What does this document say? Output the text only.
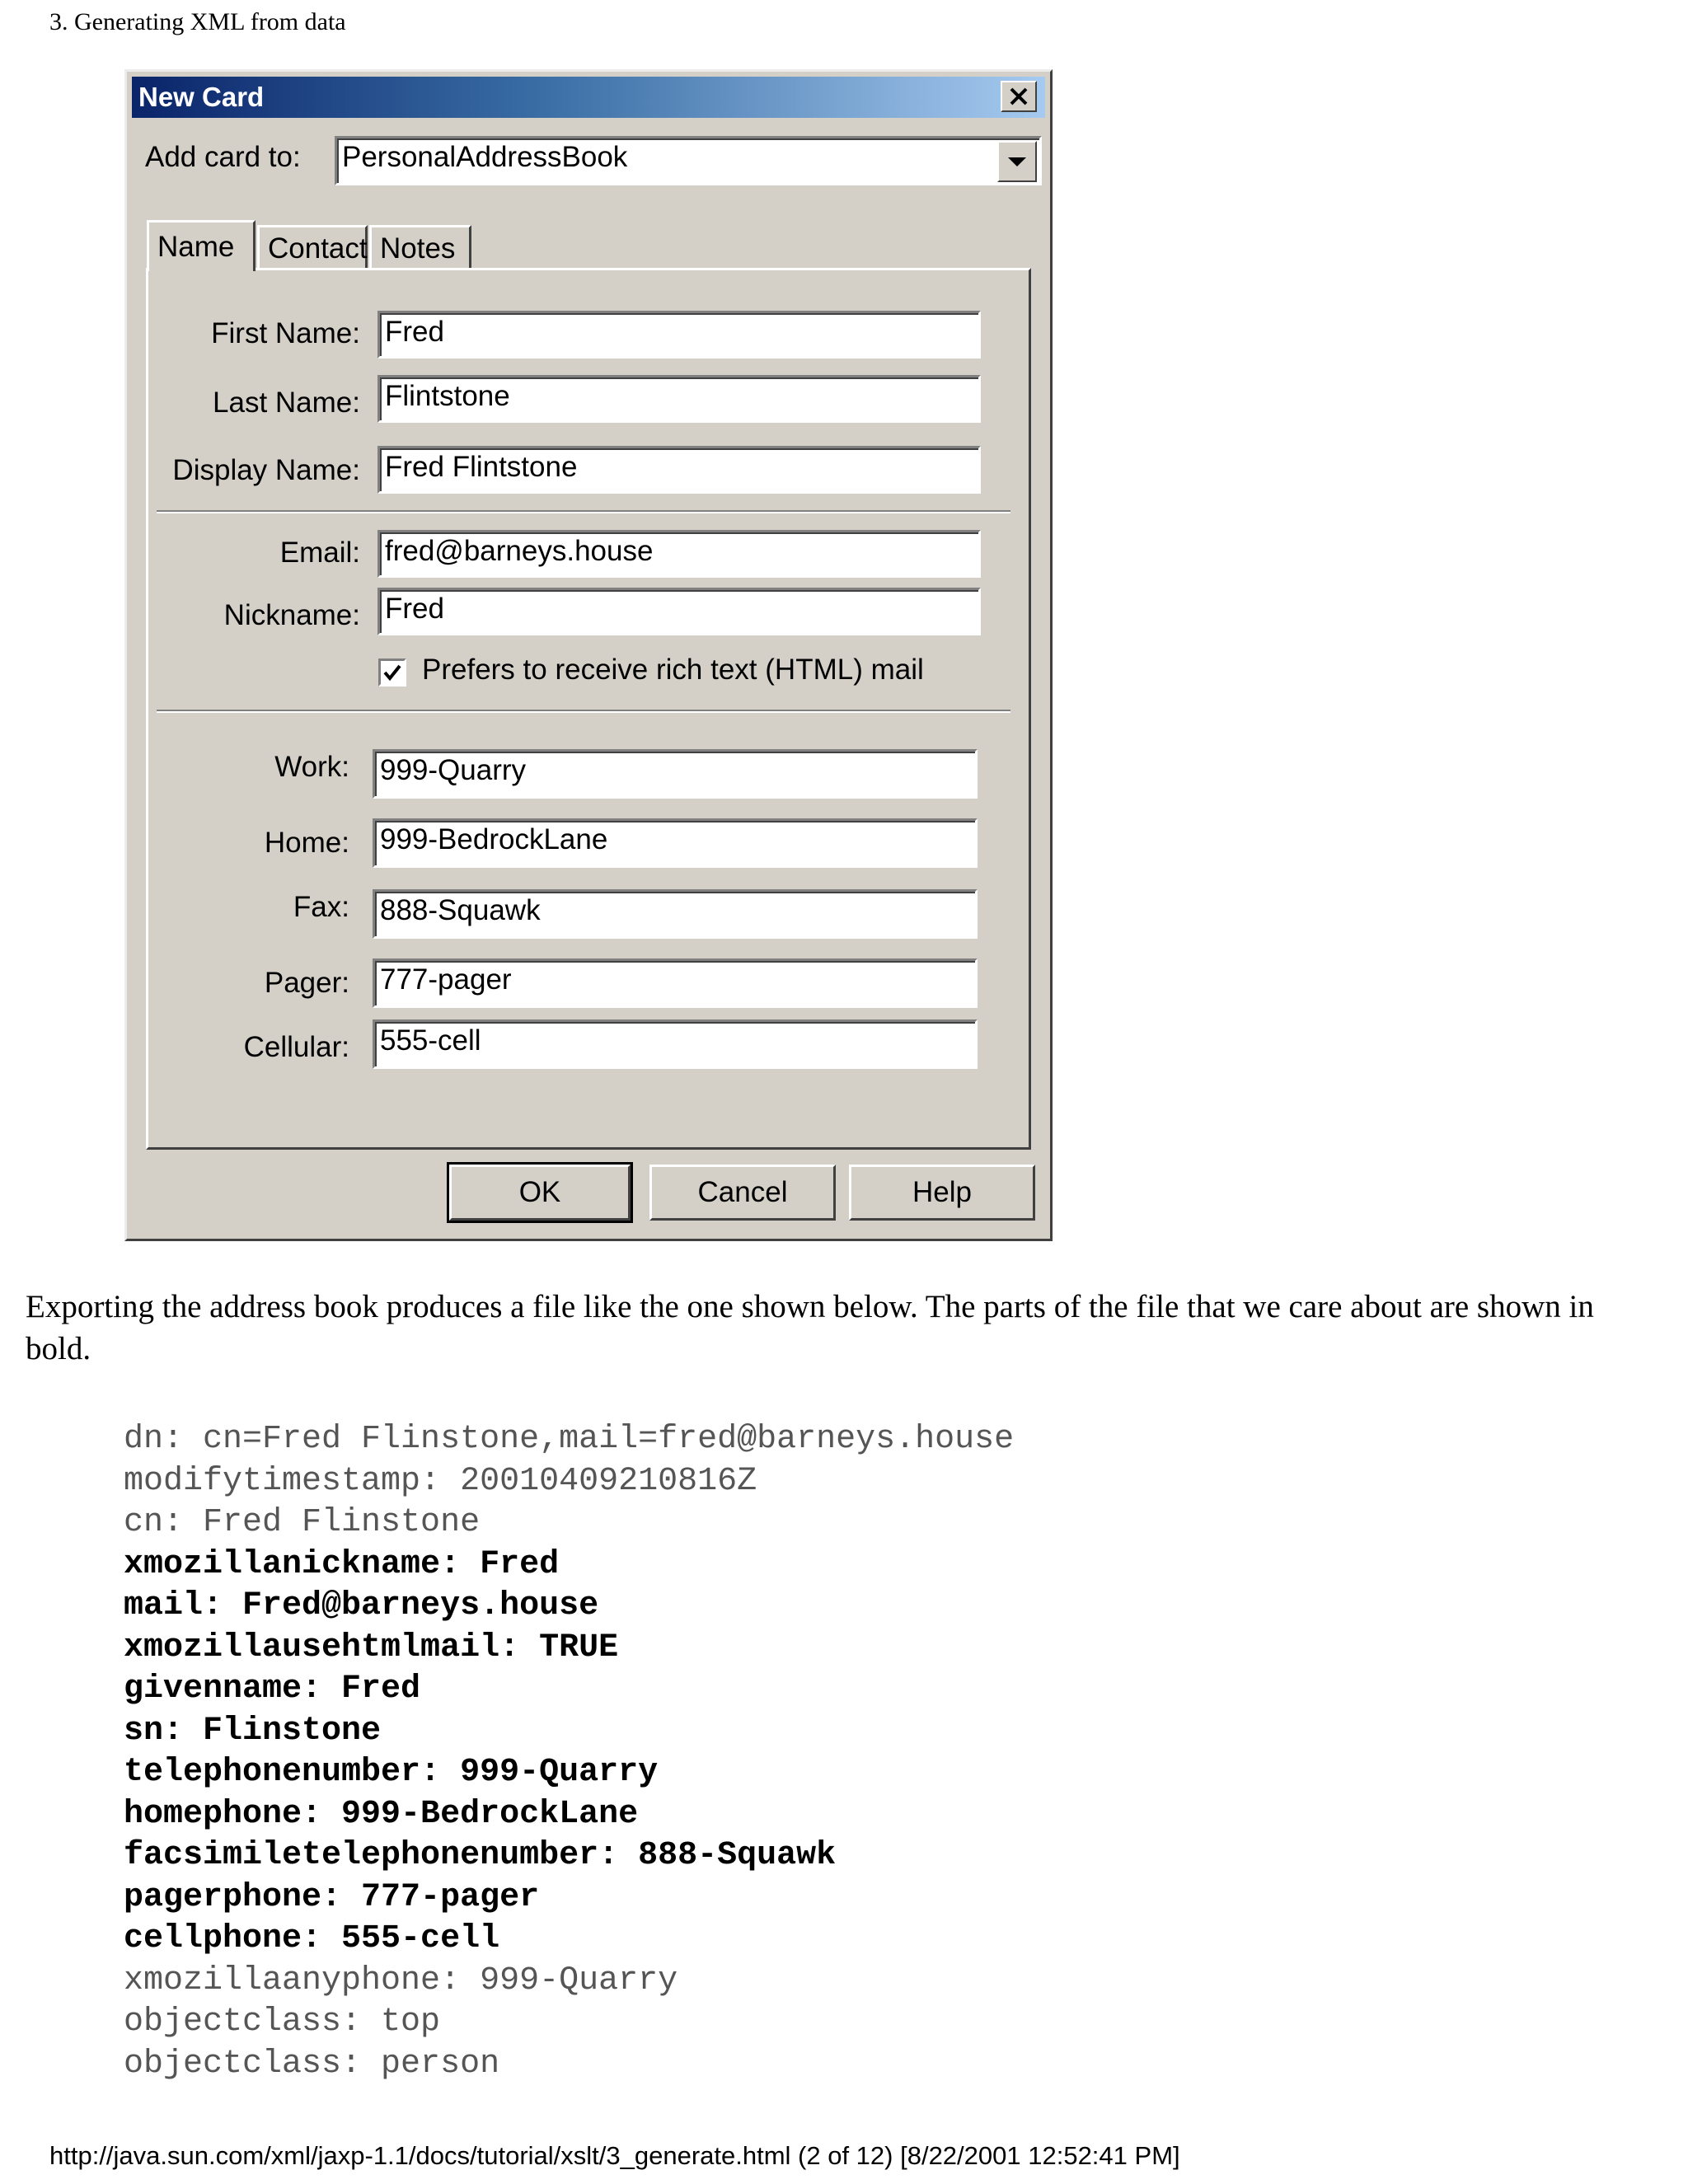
3. Generating XML from data
New Card
Add card to: PersonalAddressBook
Name	Contact Notes
First Name: Fred
Last Name: Flintstone
Display Name: Fred Flintstone
Email: fred@barneys.house
Nickname: Fred
Prefers to receive rich text (HTML) mail
Work: 999-Quarry
Home: 999-BedrockLane
Fax: 888-Squawk
Pager: 777-pager
Cellular: 555-cell
OK	Cancel	Help
Exporting the address book produces a file like the one shown below. The parts of the file that we care about are shown in bold.
dn: cn=Fred Flinstone,mail=fred@barneys.house
modifytimestamp: 20010409210816Z
cn: Fred Flinstone
xmozillanickname: Fred
mail: Fred@barneys.house
xmozillausehtmlmail: TRUE
givenname: Fred
sn: Flinstone
telephonenumber: 999-Quarry
homephone: 999-BedrockLane
facsimiletelephonenumber: 888-Squawk
pagerphone: 777-pager
cellphone: 555-cell
xmozillaanyphone: 999-Quarry
objectclass: top
objectclass: person
http://java.sun.com/xml/jaxp-1.1/docs/tutorial/xslt/3_generate.html (2 of 12) [8/22/2001 12:52:41 PM]
